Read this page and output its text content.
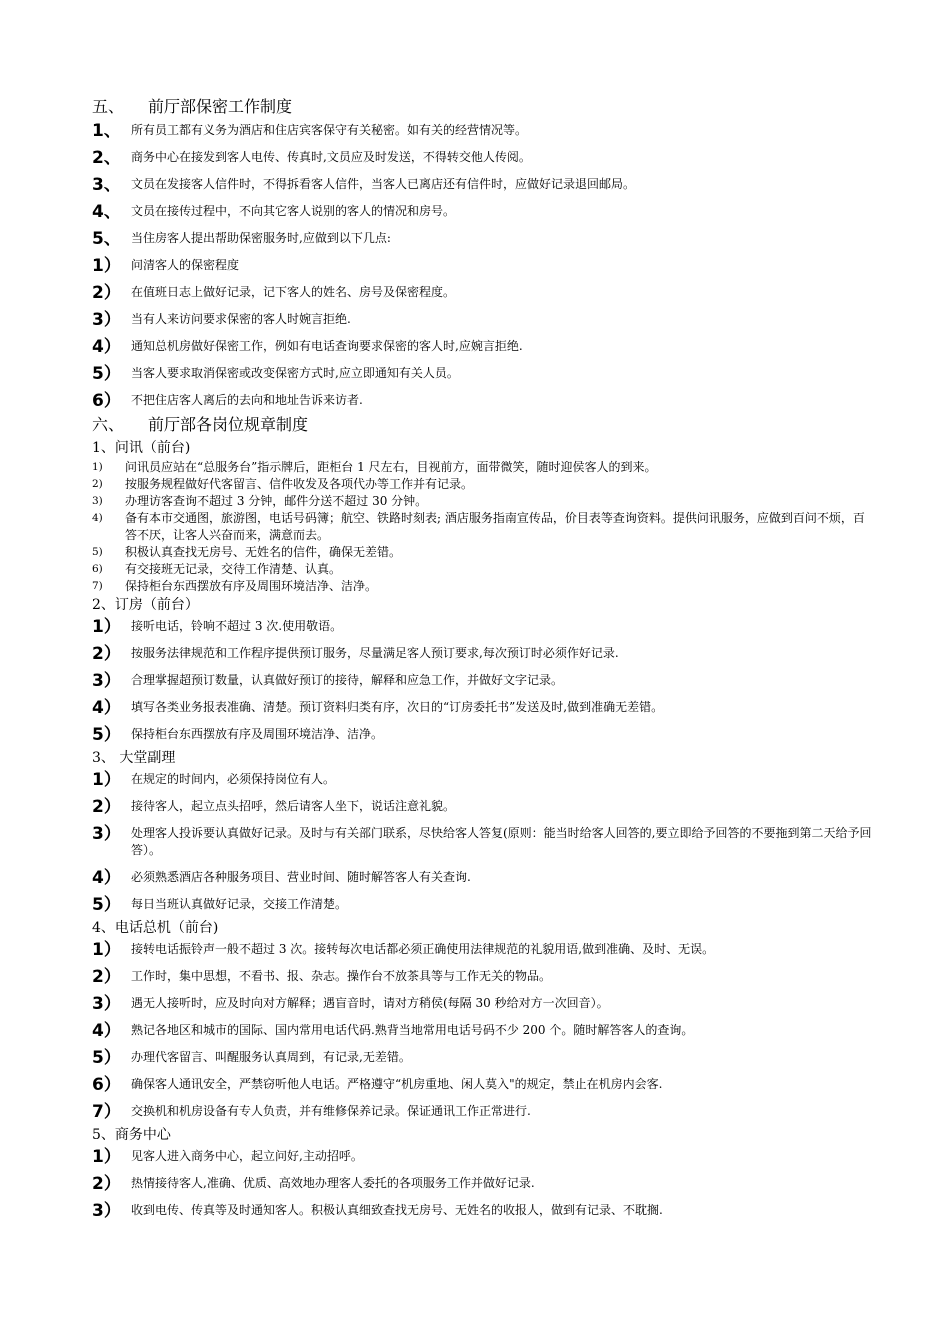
五、 前厅部保密工作制度
1、 所有员工都有义务为酒店和住店宾客保守有关秘密。如有关的经营情况等。
2、 商务中心在接发到客人电传、传真时,文员应及时发送，不得转交他人传阅。
3、 文员在发接客人信件时，不得拆看客人信件，当客人已离店还有信件时，应做好记录退回邮局。
4、 文员在接传过程中，不向其它客人说别的客人的情况和房号。
5、 当住房客人提出帮助保密服务时,应做到以下几点:
1） 问清客人的保密程度
2） 在值班日志上做好记录，记下客人的姓名、房号及保密程度。
3） 当有人来访问要求保密的客人时婉言拒绝.
4） 通知总机房做好保密工作，例如有电话查询要求保密的客人时,应婉言拒绝.
5） 当客人要求取消保密或改变保密方式时,应立即通知有关人员。
6） 不把住店客人离后的去向和地址告诉来访者.
六、 前厅部各岗位规章制度
1、问讯（前台)
1)	问讯员应站在“总服务台”指示牌后，距柜台 1 尺左右，目视前方，面带微笑，随时迎侯客人的到来。
2)	按服务规程做好代客留言、信件收发及各项代办等工作并有记录。
3)	办理访客查询不超过 3 分钟，邮件分送不超过 30 分钟。
4)	备有本市交通图，旅游图，电话号码簿；航空、铁路时刻表; 酒店服务指南宣传品，价目表等查询资料。提供问讯服务，应做到百问不烦，百答不厌，让客人兴奋而来，满意而去。
5)	积极认真查找无房号、无姓名的信件，确保无差错。
6)	有交接班无记录，交待工作清楚、认真。
7)	保持柜台东西摆放有序及周围环境洁净、洁净。
2、订房（前台）
1） 接听电话，铃响不超过 3 次.使用敬语。
2） 按服务法律规范和工作程序提供预订服务，尽量满足客人预订要求,每次预订时必须作好记录.
3） 合理掌握超预订数量，认真做好预订的接待，解释和应急工作，并做好文字记录。
4） 填写各类业务报表准确、清楚。预订资料归类有序，次日的“订房委托书”发送及时,做到准确无差错。
5） 保持柜台东西摆放有序及周围环境洁净、洁净。
3、 大堂副理
1） 在规定的时间内，必须保持岗位有人。
2） 接待客人，起立点头招呼，然后请客人坐下，说话注意礼貌。
3） 处理客人投诉要认真做好记录。及时与有关部门联系，尽快给客人答复(原则：能当时给客人回答的,要立即给予回答的不要拖到第二天给予回答）。
4） 必须熟悉酒店各种服务项目、营业时间、随时解答客人有关查询.
5） 每日当班认真做好记录，交接工作清楚。
4、电话总机（前台)
1） 接转电话振铃声一般不超过 3 次。接转每次电话都必须正确使用法律规范的礼貌用语,做到准确、及时、无误。
2） 工作时，集中思想，不看书、报、杂志。操作台不放茶具等与工作无关的物品。
3） 遇无人接听时，应及时向对方解释；遇盲音时，请对方稍侯(每隔 30 秒给对方一次回音）。
4） 熟记各地区和城市的国际、国内常用电话代码.熟背当地常用电话号码不少 200 个。随时解答客人的查询。
5） 办理代客留言、叫醒服务认真周到，有记录,无差错。
6） 确保客人通讯安全，严禁窃听他人电话。严格遵守“机房重地、闲人莫入"的规定，禁止在机房内会客.
7） 交换机和机房设备有专人负责，并有维修保养记录。保证通讯工作正常进行.
5、商务中心
1） 见客人进入商务中心，起立问好,主动招呼。
2） 热情接待客人,准确、优质、高效地办理客人委托的各项服务工作并做好记录.
3） 收到电传、传真等及时通知客人。积极认真细致查找无房号、无姓名的收报人，做到有记录、不耽搁.
